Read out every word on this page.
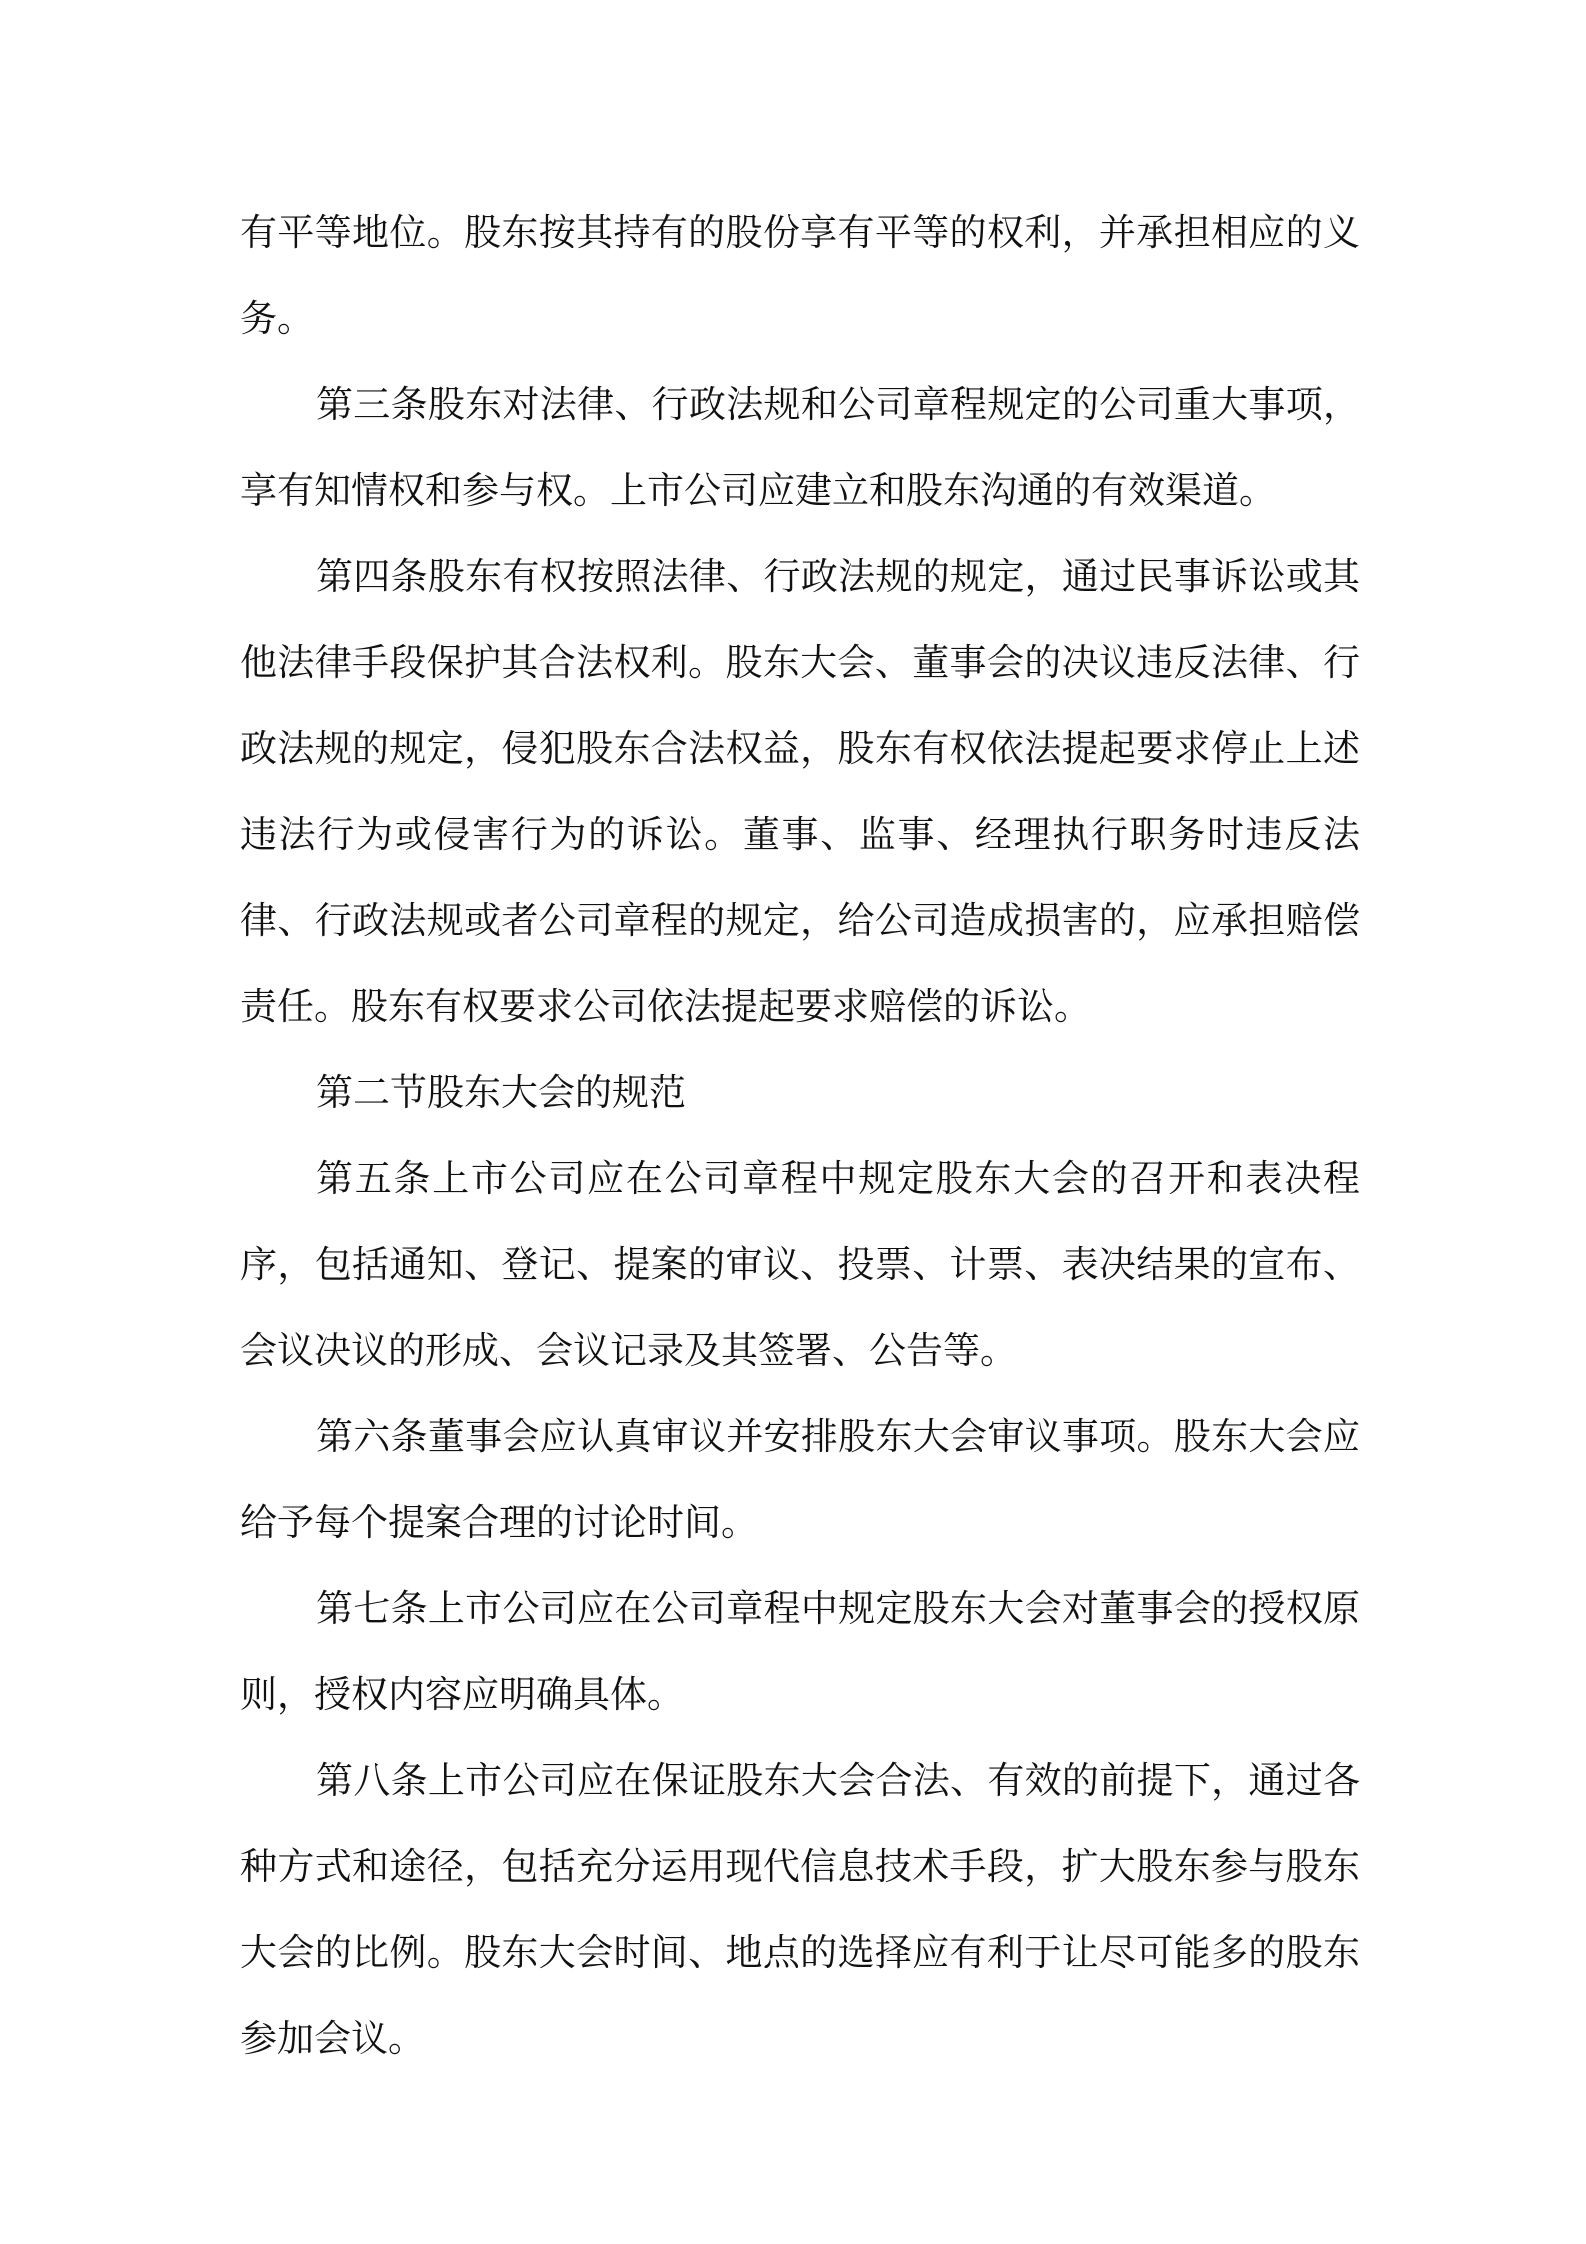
有平等地位。股东按其持有的股份享有平等的权利，并承担相应的义务。

第三条股东对法律、行政法规和公司章程规定的公司重大事项，享有知情权和参与权。上市公司应建立和股东沟通的有效渠道。

第四条股东有权按照法律、行政法规的规定，通过民事诉讼或其他法律手段保护其合法权利。股东大会、董事会的决议违反法律、行政法规的规定，侵犯股东合法权益，股东有权依法提起要求停止上述违法行为或侵害行为的诉讼。董事、监事、经理执行职务时违反法律、行政法规或者公司章程的规定，给公司造成损害的，应承担赔偿责任。股东有权要求公司依法提起要求赔偿的诉讼。

第二节股东大会的规范

第五条上市公司应在公司章程中规定股东大会的召开和表决程序，包括通知、登记、提案的审议、投票、计票、表决结果的宣布、会议决议的形成、会议记录及其签署、公告等。

第六条董事会应认真审议并安排股东大会审议事项。股东大会应给予每个提案合理的讨论时间。

第七条上市公司应在公司章程中规定股东大会对董事会的授权原则，授权内容应明确具体。

第八条上市公司应在保证股东大会合法、有效的前提下，通过各种方式和途径，包括充分运用现代信息技术手段，扩大股东参与股东大会的比例。股东大会时间、地点的选择应有利于让尽可能多的股东参加会议。
